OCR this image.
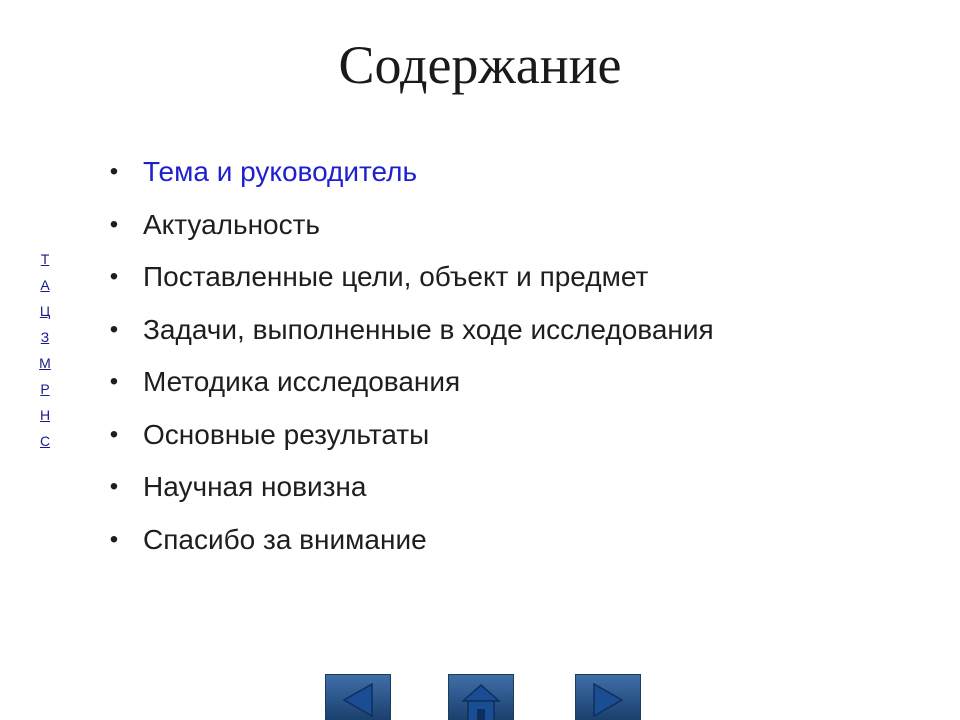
Содержание
Т
А
Ц
З
М
Р
Н
С
• Тема и руководитель
• Актуальность
• Поставленные цели, объект и предмет
• Задачи, выполненные в ходе исследования
• Методика исследования
• Основные результаты
• Научная новизна
• Спасибо за внимание
